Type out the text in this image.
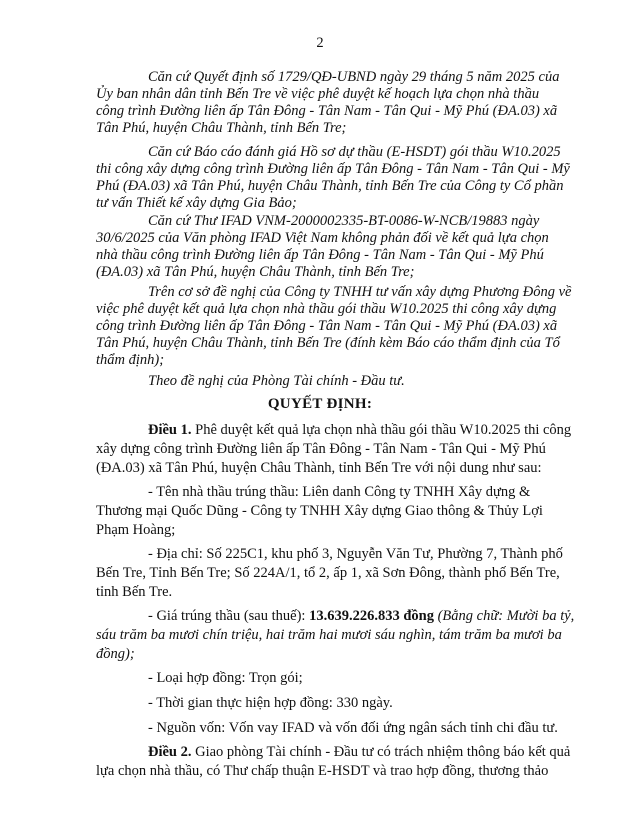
2
Căn cứ Quyết định số 1729/QĐ-UBND ngày 29 tháng 5 năm 2025 của
Ủy ban nhân dân tỉnh Bến Tre về việc phê duyệt kế hoạch lựa chọn nhà thầu
công trình Đường liên ấp Tân Đông - Tân Nam - Tân Qui - Mỹ Phú (ĐA.03) xã
Tân Phú, huyện Châu Thành, tỉnh Bến Tre;
Căn cứ Báo cáo đánh giá Hồ sơ dự thầu (E-HSDT) gói thầu W10.2025
thi công xây dựng công trình Đường liên ấp Tân Đông - Tân Nam - Tân Qui - Mỹ
Phú (ĐA.03) xã Tân Phú, huyện Châu Thành, tỉnh Bến Tre của Công ty Cổ phần
tư vấn Thiết kế xây dựng Gia Bảo;
Căn cứ Thư IFAD VNM-2000002335-BT-0086-W-NCB/19883 ngày
30/6/2025 của Văn phòng IFAD Việt Nam không phản đối về kết quả lựa chọn
nhà thầu công trình Đường liên ấp Tân Đông - Tân Nam - Tân Qui - Mỹ Phú
(ĐA.03) xã Tân Phú, huyện Châu Thành, tỉnh Bến Tre;
Trên cơ sở đề nghị của Công ty TNHH tư vấn xây dựng Phương Đông về
việc phê duyệt kết quả lựa chọn nhà thầu gói thầu W10.2025 thi công xây dựng
công trình Đường liên ấp Tân Đông - Tân Nam - Tân Qui - Mỹ Phú (ĐA.03) xã
Tân Phú, huyện Châu Thành, tỉnh Bến Tre (đính kèm Báo cáo thẩm định của Tổ
thẩm định);
QUYẾT ĐỊNH:
Điều 1. Phê duyệt kết quả lựa chọn nhà thầu gói thầu W10.2025 thi công
xây dựng công trình Đường liên ấp Tân Đông - Tân Nam - Tân Qui - Mỹ Phú
(ĐA.03) xã Tân Phú, huyện Châu Thành, tỉnh Bến Tre với nội dung như sau:
- Tên nhà thầu trúng thầu: Liên danh Công ty TNHH Xây dựng &
Thương mại Quốc Dũng - Công ty TNHH Xây dựng Giao thông & Thủy Lợi
Phạm Hoàng;
- Địa chỉ: Số 225C1, khu phố 3, Nguyễn Văn Tư, Phường 7, Thành phố
Bến Tre, Tỉnh Bến Tre; Số 224A/1, tổ 2, ấp 1, xã Sơn Đông, thành phố Bến Tre,
tỉnh Bến Tre.
- Giá trúng thầu (sau thuế): 13.639.226.833 đồng (Bằng chữ: Mười ba tỷ,
sáu trăm ba mươi chín triệu, hai trăm hai mươi sáu nghìn, tám trăm ba mươi ba
đồng);
- Loại hợp đồng: Trọn gói;
- Thời gian thực hiện hợp đồng: 330 ngày.
- Nguồn vốn: Vốn vay IFAD và vốn đối ứng ngân sách tỉnh chi đầu tư.
Điều 2. Giao phòng Tài chính - Đầu tư có trách nhiệm thông báo kết quả
lựa chọn nhà thầu, có Thư chấp thuận E-HSDT và trao hợp đồng, thương thảo
Theo đề nghị của Phòng Tài chính - Đầu tư.
